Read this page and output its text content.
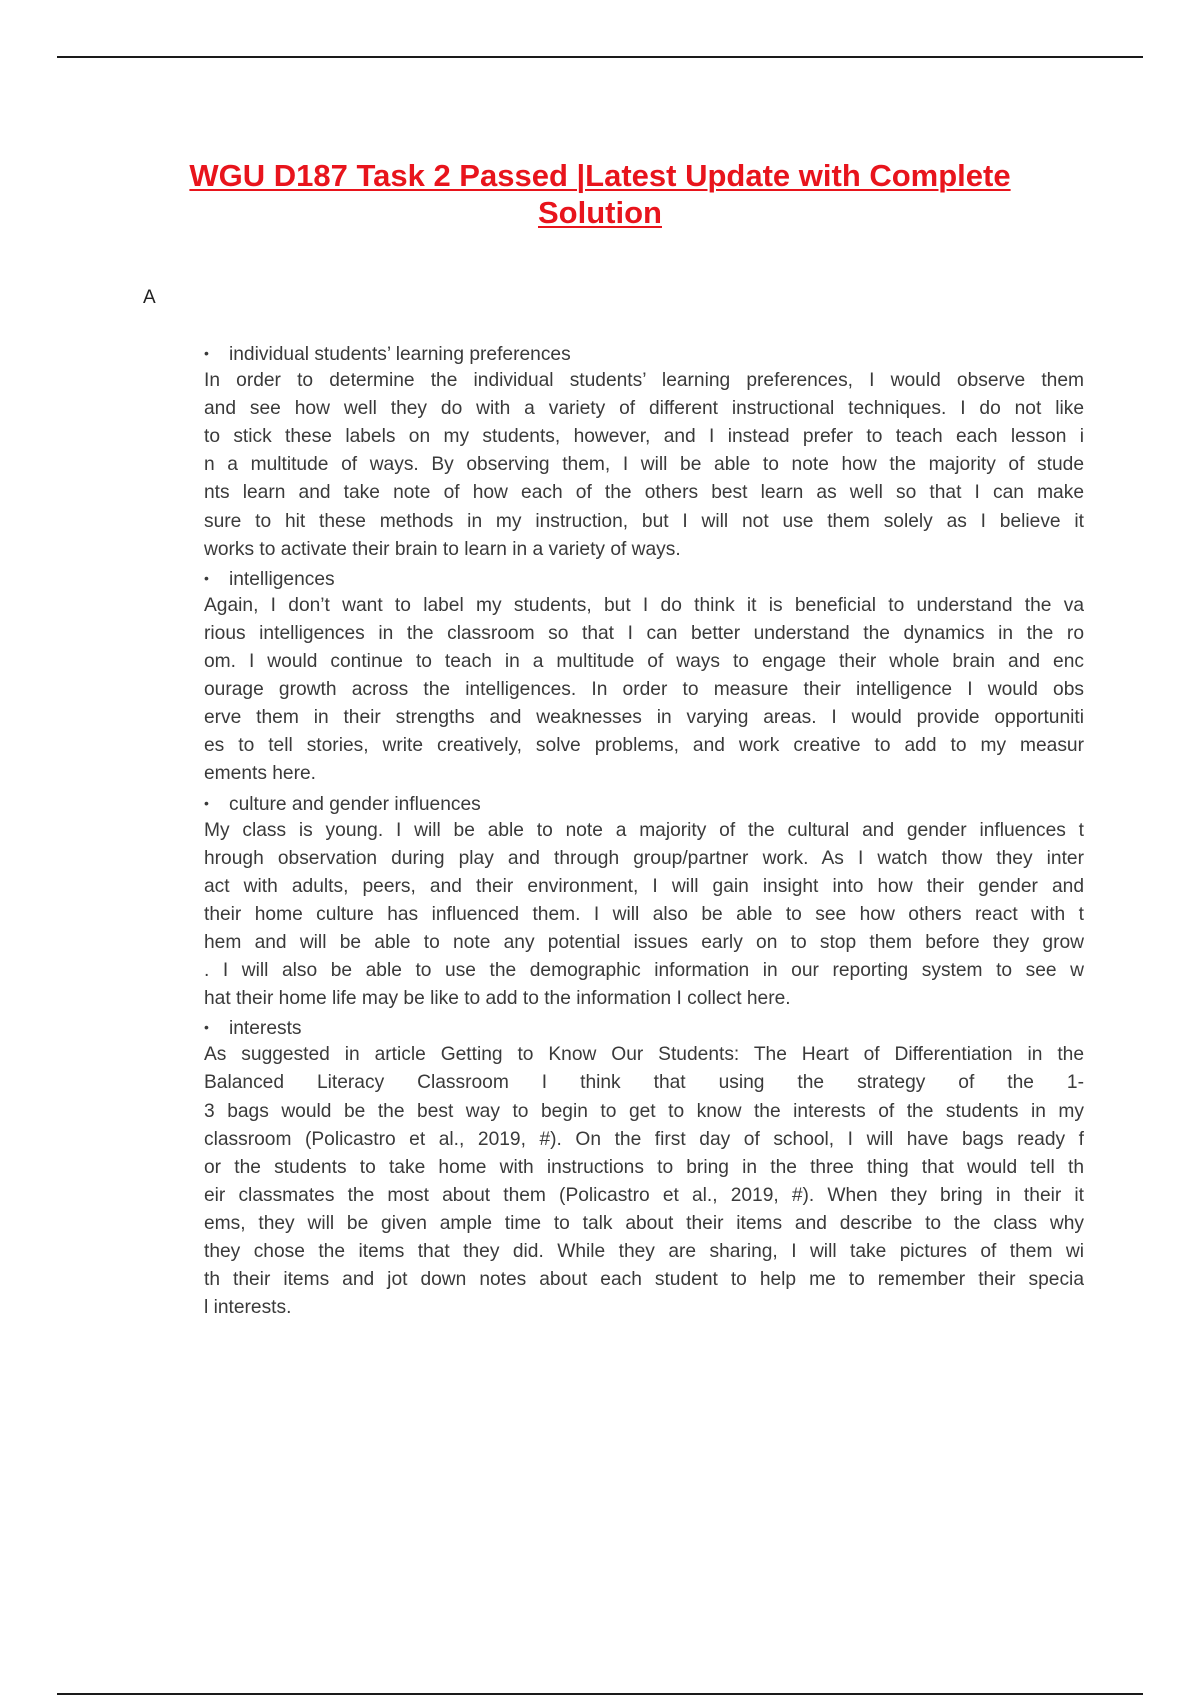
WGU D187 Task 2 Passed |Latest Update with Complete
Solution
A
• individual students’ learning preferences
In order to determine the individual students’ learning preferences, I would observe them
and see how well they do with a variety of different instructional techniques. I do not like
to stick these labels on my students, however, and I instead prefer to teach each lesson i
n a multitude of ways. By observing them, I will be able to note how the majority of stude
nts learn and take note of how each of the others best learn as well so that I can make
sure to hit these methods in my instruction, but I will not use them solely as I believe it
works to activate their brain to learn in a variety of ways.
• intelligences
Again, I don’t want to label my students, but I do think it is beneficial to understand the va
rious intelligences in the classroom so that I can better understand the dynamics in the ro
om. I would continue to teach in a multitude of ways to engage their whole brain and enc
ourage growth across the intelligences. In order to measure their intelligence I would obs
erve them in their strengths and weaknesses in varying areas. I would provide opportuniti
es to tell stories, write creatively, solve problems, and work creative to add to my measur
ements here.
• culture and gender influences
My class is young. I will be able to note a majority of the cultural and gender influences t
hrough observation during play and through group/partner work. As I watch thow they inter
act with adults, peers, and their environment, I will gain insight into how their gender and
their home culture has influenced them. I will also be able to see how others react with t
hem and will be able to note any potential issues early on to stop them before they grow
. I will also be able to use the demographic information in our reporting system to see w
hat their home life may be like to add to the information I collect here.
• interests
As suggested in article Getting to Know Our Students: The Heart of Differentiation in the
Balanced Literacy Classroom I think that using the strategy of the 1-
3 bags would be the best way to begin to get to know the interests of the students in my
classroom (Policastro et al., 2019, #). On the first day of school, I will have bags ready f
or the students to take home with instructions to bring in the three thing that would tell th
eir classmates the most about them (Policastro et al., 2019, #). When they bring in their it
ems, they will be given ample time to talk about their items and describe to the class why
they chose the items that they did. While they are sharing, I will take pictures of them wi
th their items and jot down notes about each student to help me to remember their specia
l interests.
